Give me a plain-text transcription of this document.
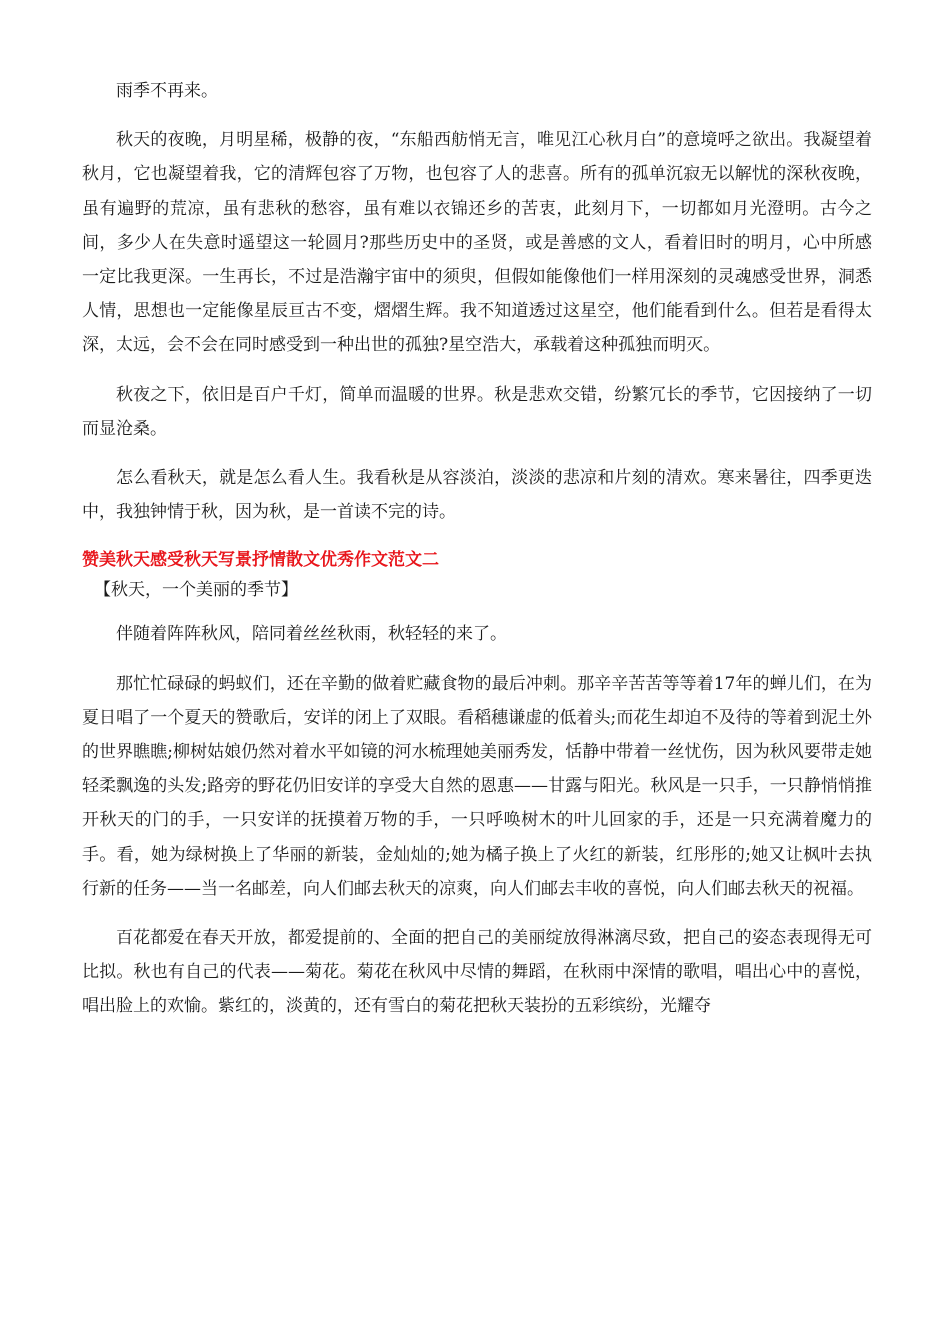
雨季不再来。

秋天的夜晚，月明星稀，极静的夜，“东船西舫悄无言，唯见江心秋月白”的意境呼之欲出。我凝望着秋月，它也凝望着我，它的清辉包容了万物，也包容了人的悲喜。所有的孤单沉寂无以解忧的深秋夜晚，虽有遍野的荒凉，虽有悲秋的愁容，虽有难以衣锦还乡的苦衷，此刻月下，一切都如月光澄明。古今之间，多少人在失意时遥望这一轮圆月?那些历史中的圣贤，或是善感的文人，看着旧时的明月，心中所感一定比我更深。一生再长，不过是浩瀚宇宙中的须臾，但假如能像他们一样用深刻的灵魂感受世界，洞悉人情，思想也一定能像星辰亘古不变，熠熠生辉。我不知道透过这星空，他们能看到什么。但若是看得太深，太远，会不会在同时感受到一种出世的孤独?星空浩大，承载着这种孤独而明灭。

秋夜之下，依旧是百户千灯，简单而温暖的世界。秋是悲欢交错，纷繁冗长的季节，它因接纳了一切而显沧桑。

怎么看秋天，就是怎么看人生。我看秋是从容淡泊，淡淡的悲凉和片刻的清欢。寒来暑往，四季更迭中，我独钟情于秋，因为秋，是一首读不完的诗。

赞美秋天感受秋天写景抒情散文优秀作文范文二

【秋天，一个美丽的季节】

伴随着阵阵秋风，陪同着丝丝秋雨，秋轻轻的来了。

那忙忙碌碌的蚂蚁们，还在辛勤的做着贮藏食物的最后冲刺。那辛辛苦苦等等着17年的蝉儿们，在为夏日唱了一个夏天的赞歌后，安详的闭上了双眼。看稻穗谦虚的低着头;而花生却迫不及待的等着到泥土外的世界瞧瞧;柳树姑娘仍然对着水平如镜的河水梳理她美丽秀发，恬静中带着一丝忧伤，因为秋风要带走她轻柔飘逸的头发;路旁的野花仍旧安详的享受大自然的恩惠——甘露与阳光。秋风是一只手，一只静悄悄推开秋天的门的手，一只安详的抚摸着万物的手，一只呼唤树木的叶儿回家的手，还是一只充满着魔力的手。看，她为绿树换上了华丽的新装，金灿灿的;她为橘子换上了火红的新装，红彤彤的;她又让枫叶去执行新的任务——当一名邮差，向人们邮去秋天的凉爽，向人们邮去丰收的喜悦，向人们邮去秋天的祝福。

百花都爱在春天开放，都爱提前的、全面的把自己的美丽绽放得淋漓尽致，把自己的姿态表现得无可比拟。秋也有自己的代表——菊花。菊花在秋风中尽情的舞蹈，在秋雨中深情的歌唱，唱出心中的喜悦，唱出脸上的欢愉。紫红的，淡黄的，还有雪白的菊花把秋天装扮的五彩缤纷，光耀夺
